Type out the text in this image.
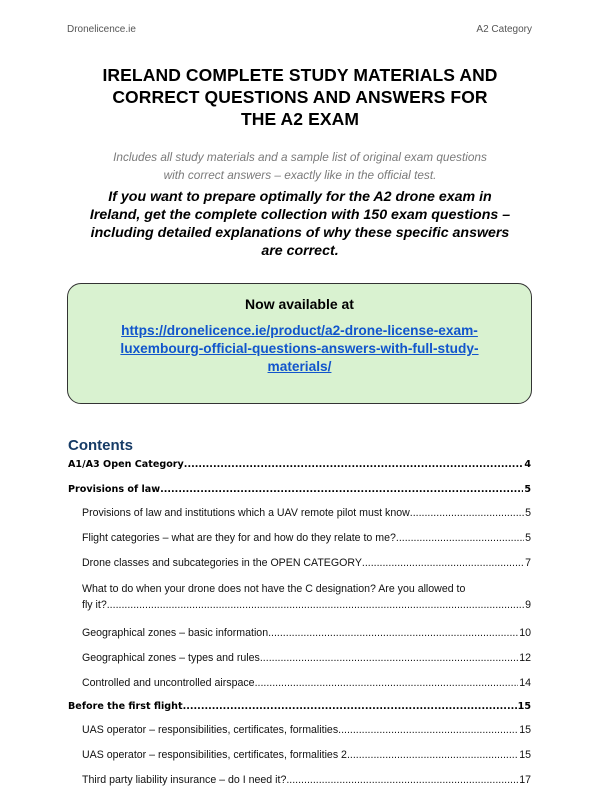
Dronelicence.ie	A2 Category
IRELAND COMPLETE STUDY MATERIALS AND
CORRECT QUESTIONS AND ANSWERS FOR
THE A2 EXAM
Includes all study materials and a sample list of original exam questions
with correct answers – exactly like in the official test.
If you want to prepare optimally for the A2 drone exam in
Ireland, get the complete collection with 150 exam questions –
including detailed explanations of why these specific answers
are correct.
Now available at
https://dronelicence.ie/product/a2-drone-license-exam-
luxembourg-official-questions-answers-with-full-study-
materials/
Contents
A1/A3 Open Category .....	4
Provisions of law .....	5
Provisions of law and institutions which a UAV remote pilot must know .....	5
Flight categories – what are they for and how do they relate to me? .....	5
Drone classes and subcategories in the OPEN CATEGORY .....	7
What to do when your drone does not have the C designation? Are you allowed to
fly it? .....	9
Geographical zones – basic information .....	10
Geographical zones – types and rules .....	12
Controlled and uncontrolled airspace .....	14
Before the first flight .....	15
UAS operator – responsibilities, certificates, formalities .....	15
UAS operator – responsibilities, certificates, formalities 2 .....	15
Third party liability insurance – do I need it? .....	17
